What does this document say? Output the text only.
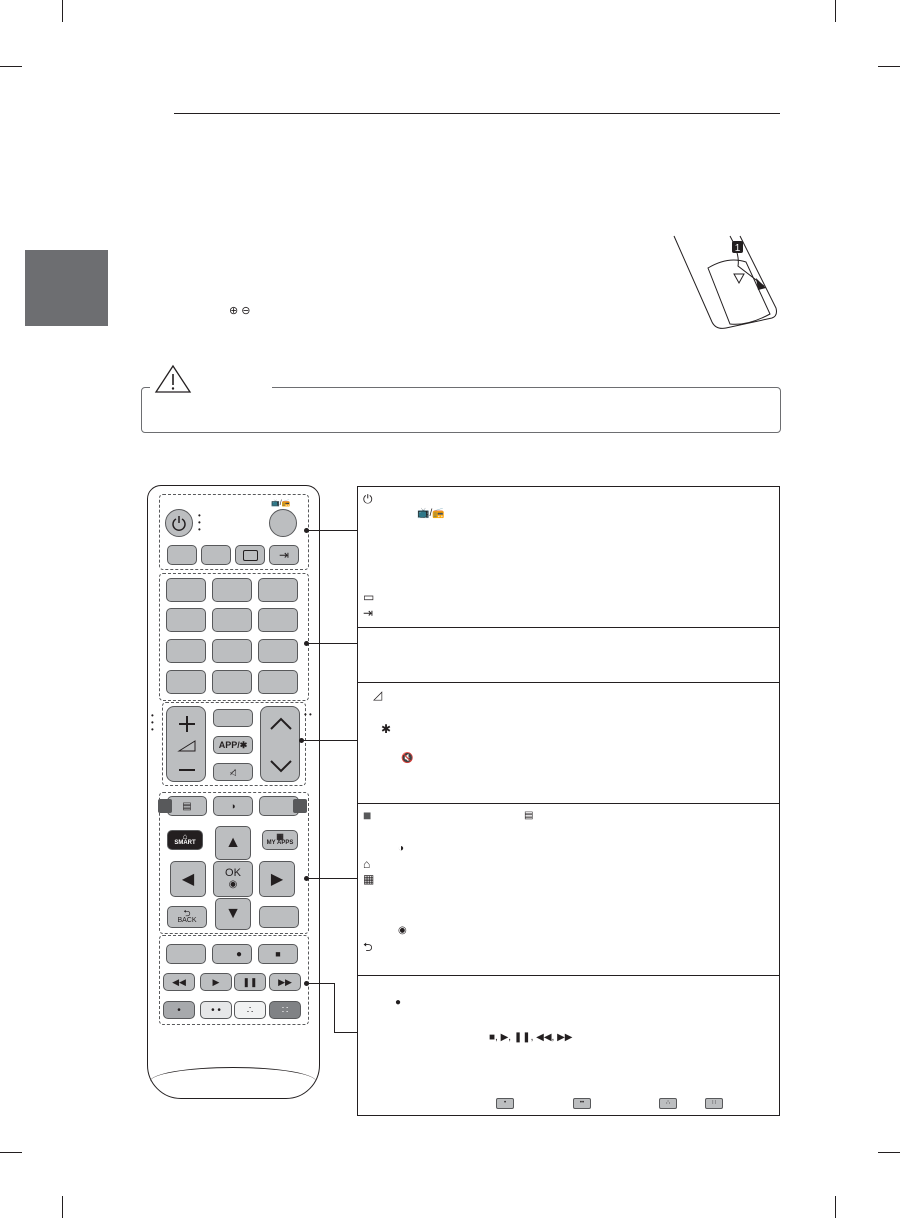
⊕ ⊖
1
•
•
•
📺/📻
⇥
•
•
•
APP/✱
◁̸
• •
▤	◑
⌂
SMART
▦
MY APPS
▲
◀	OK
◉ ▶
▼
⮌
BACK
●	■
◀◀	▶	❚❚ ▶▶
•	• •	∴	∷
⏻
📺/📻
▭
⇥
◿
✱
🔇
■	▤
◑
⌂
▦
◉
⮌
●
■, ▶, ❚❚, ◀◀, ▶▶
•	••	∴	∷
